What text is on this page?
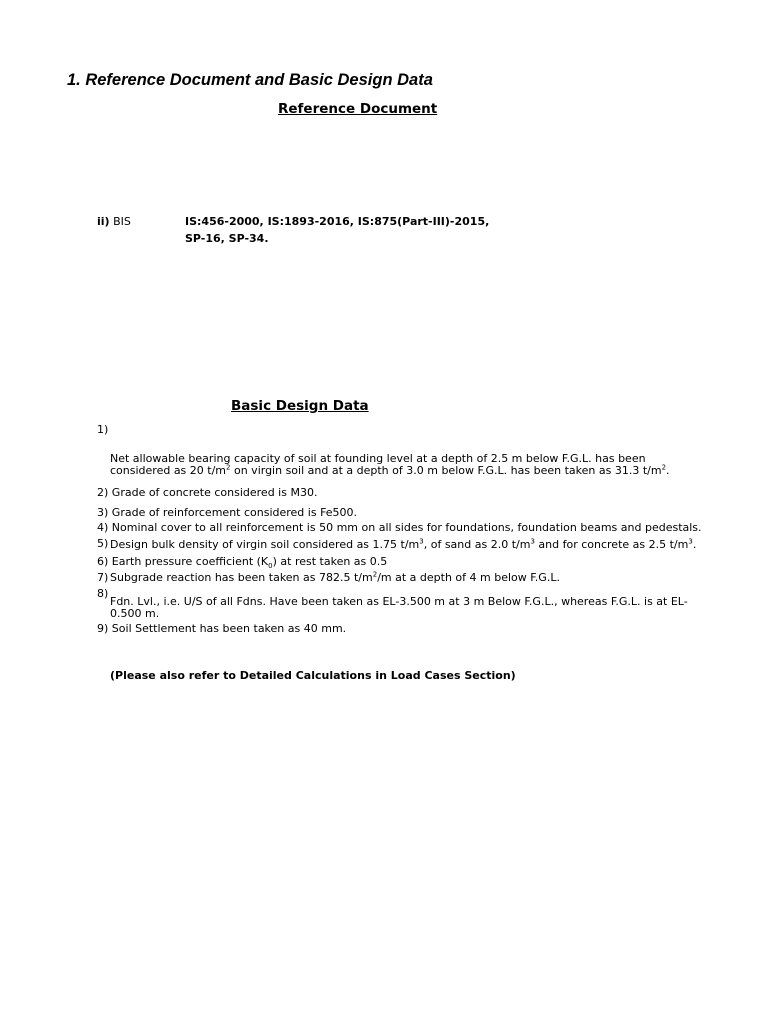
1. Reference Document and Basic Design Data
Reference Document
ii) BIS	IS:456-2000, IS:1893-2016, IS:875(Part-III)-2015,
SP-16, SP-34.
Basic Design Data
1)
Net allowable bearing capacity of soil at founding level at a depth of 2.5 m below F.G.L. has been
considered as 20 $t/m^2$ on virgin soil and at a depth of 3.0 m below F.G.L. has been taken as 31.3 $t/m^2$.
2) Grade of concrete considered is M30.
3) Grade of reinforcement considered is Fe500.
4) Nominal cover to all reinforcement is 50 mm on all sides for foundations, foundation beams and pedestals.
5) Design bulk density of virgin soil considered as 1.75 $t/m^3$, of sand as 2.0 $t/m^3$ and for concrete as 2.5 $t/m^3$.
6) Earth pressure coefficient $(K_0)$ at rest taken as 0.5
7) Subgrade reaction has been taken as 782.5 $t/m^2/m$ at a depth of 4 m below F.G.L.
8)
Fdn. Lvl., i.e. U/S of all Fdns. Have been taken as EL-3.500 m at 3 m Below F.G.L., whereas F.G.L. is at EL-
0.500 m.
9) Soil Settlement has been taken as 40 mm.
(Please also refer to Detailed Calculations in Load Cases Section)
